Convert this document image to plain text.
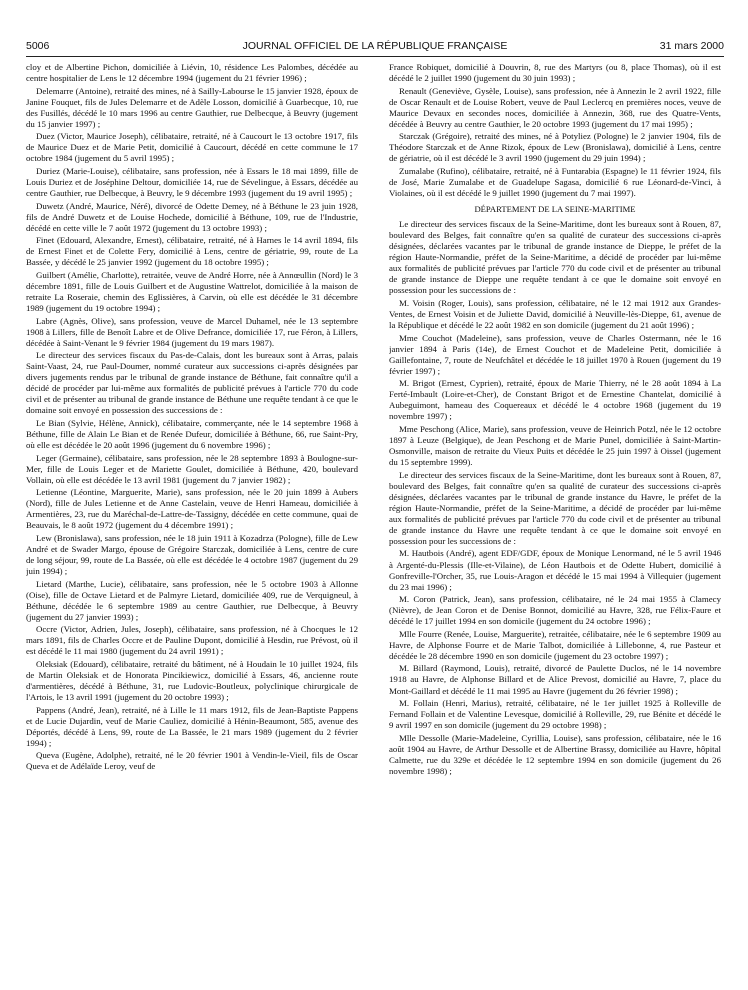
5006	JOURNAL OFFICIEL DE LA RÉPUBLIQUE FRANÇAISE	31 mars 2000

cloy et de Albertine Pichon, domiciliée à Liévin, 10, résidence Les Palombes, décédée au centre hospitalier de Lens le 12 décembre 1994 (jugement du 21 février 1996) ;

Delemarre (Antoine), retraité des mines, né à Sailly-Labourse le 15 janvier 1928, époux de Janine Fouquet, fils de Jules Delemarre et de Adèle Losson, domicilié à Guarbecque, 10, rue des Fusillés, décédé le 10 mars 1996 au centre Gauthier, rue Delbecque, à Beuvry (jugement du 15 janvier 1997) ;

Duez (Victor, Maurice Joseph), célibataire, retraité, né à Caucourt le 13 octobre 1917, fils de Maurice Duez et de Marie Petit, domicilié à Caucourt, décédé en cette commune le 17 octobre 1984 (jugement du 5 avril 1995) ;

Duriez (Marie-Louise), célibataire, sans profession, née à Essars le 18 mai 1899, fille de Louis Duriez et de Joséphine Deltour, domiciliée 14, rue de Sévelingue, à Essars, décédée au centre Gauthier, rue Delbecque, à Beuvry, le 9 décembre 1993 (jugement du 19 avril 1995) ;

Duwetz (André, Maurice, Néré), divorcé de Odette Demey, né à Béthune le 23 juin 1928, fils de André Duwetz et de Louise Hochede, domicilié à Béthune, 109, rue de l'Industrie, décédé en cette ville le 7 août 1972 (jugement du 13 octobre 1993) ;

Finet (Edouard, Alexandre, Ernest), célibataire, retraité, né à Harnes le 14 avril 1894, fils de Ernest Finet et de Colette Fery, domicilié à Lens, centre de gériatrie, 99, route de La Bassée, y décédé le 25 janvier 1992 (jugement du 18 octobre 1995) ;

Guilbert (Amélie, Charlotte), retraitée, veuve de André Horre, née à Annœullin (Nord) le 3 décembre 1891, fille de Louis Guilbert et de Augustine Wattrelot, domiciliée à la maison de retraite La Roseraie, chemin des Eglissières, à Carvin, où elle est décédée le 31 décembre 1989 (jugement du 19 octobre 1994) ;

Labre (Agnès, Olive), sans profession, veuve de Marcel Duhamel, née le 13 septembre 1908 à Lillers, fille de Benoît Labre et de Olive Defrance, domiciliée 17, rue Féron, à Lillers, décédée à Saint-Venant le 9 février 1984 (jugement du 19 mars 1987).

Le directeur des services fiscaux du Pas-de-Calais, dont les bureaux sont à Arras, palais Saint-Vaast, 24, rue Paul-Doumer, nommé curateur aux successions ci-après désignées par divers jugements rendus par le tribunal de grande instance de Béthune, fait connaître qu'il a décidé de procéder par lui-même aux formalités de publicité prévues à l'article 770 du code civil et de présenter au tribunal de grande instance de Béthune une requête tendant à ce que le domaine soit envoyé en possession des successions de :

Le Bian (Sylvie, Hélène, Annick), célibataire, commerçante, née le 14 septembre 1968 à Béthune, fille de Alain Le Bian et de Renée Dufeur, domiciliée à Béthune, 66, rue Saint-Pry, où elle est décédée le 20 août 1996 (jugement du 6 novembre 1996) ;

Leger (Germaine), célibataire, sans profession, née le 28 septembre 1893 à Boulogne-sur-Mer, fille de Louis Leger et de Mariette Goulet, domiciliée à Béthune, 420, boulevard Vollain, où elle est décédée le 13 avril 1981 (jugement du 7 janvier 1982) ;

Letienne (Léontine, Marguerite, Marie), sans profession, née le 20 juin 1899 à Aubers (Nord), fille de Jules Letienne et de Anne Castelain, veuve de Henri Hameau, domiciliée à Armentières, 23, rue du Maréchal-de-Lattre-de-Tassigny, décédée en cette commune, quai de Beauvais, le 8 août 1972 (jugement du 4 décembre 1991) ;

Lew (Bronislawa), sans profession, née le 18 juin 1911 à Kozadrza (Pologne), fille de Lew André et de Swader Margo, épouse de Grégoire Starczak, domiciliée à Lens, centre de cure de long séjour, 99, route de La Bassée, où elle est décédée le 4 octobre 1987 (jugement du 29 juin 1994) ;

Lietard (Marthe, Lucie), célibataire, sans profession, née le 5 octobre 1903 à Allonne (Oise), fille de Octave Lietard et de Palmyre Lietard, domiciliée 409, rue de Verquigneul, à Béthune, décédée le 6 septembre 1989 au centre Gauthier, rue Delbecque, à Beuvry (jugement du 27 janvier 1993) ;

Occre (Victor, Adrien, Jules, Joseph), célibataire, sans profession, né à Chocques le 12 mars 1891, fils de Charles Occre et de Pauline Dupont, domicilié à Hesdin, rue Prévost, où il est décédé le 11 mai 1980 (jugement du 24 avril 1991) ;

Oleksiak (Edouard), célibataire, retraité du bâtiment, né à Houdain le 10 juillet 1924, fils de Martin Oleksiak et de Honorata Pincikiewicz, domicilié à Essars, 46, ancienne route d'armentières, décédé à Béthune, 31, rue Ludovic-Boutleux, polyclinique chirurgicale de l'Artois, le 13 avril 1991 (jugement du 20 octobre 1993) ;

Pappens (André, Jean), retraité, né à Lille le 11 mars 1912, fils de Jean-Baptiste Pappens et de Lucie Dujardin, veuf de Marie Cauliez, domicilié à Hénin-Beaumont, 585, avenue des Déportés, décédé à Lens, 99, route de La Bassée, le 21 mars 1989 (jugement du 2 février 1994) ;

Queva (Eugène, Adolphe), retraité, né le 20 février 1901 à Vendin-le-Vieil, fils de Oscar Queva et de Adélaïde Leroy, veuf de

France Robiquet, domicilié à Douvrin, 8, rue des Martyrs (ou 8, place Thomas), où il est décédé le 2 juillet 1990 (jugement du 30 juin 1993) ;

Renault (Geneviève, Gysèle, Louise), sans profession, née à Annezin le 2 avril 1922, fille de Oscar Renault et de Louise Robert, veuve de Paul Leclercq en premières noces, veuve de Maurice Devaux en secondes noces, domiciliée à Annezin, 368, rue des Quatre-Vents, décédée à Beuvry au centre Gauthier, le 20 octobre 1993 (jugement du 17 mai 1995) ;

Starczak (Grégoire), retraité des mines, né à Potyliez (Pologne) le 2 janvier 1904, fils de Théodore Starczak et de Anne Rizok, époux de Lew (Bronislawa), domicilié à Lens, centre de gériatrie, où il est décédé le 3 avril 1990 (jugement du 29 juin 1994) ;

Zumalabe (Rufino), célibataire, retraité, né à Funtarabia (Espagne) le 11 février 1924, fils de José, Marie Zumalabe et de Guadelupe Sagasa, domicilié 6 rue Léonard-de-Vinci, à Violaines, où il est décédé le 9 juillet 1990 (jugement du 7 mai 1997).

DÉPARTEMENT DE LA SEINE-MARITIME

Le directeur des services fiscaux de la Seine-Maritime, dont les bureaux sont à Rouen, 87, boulevard des Belges, fait connaître qu'en sa qualité de curateur des successions ci-après désignées, déclarées vacantes par le tribunal de grande instance de Dieppe, le préfet de la région Haute-Normandie, préfet de la Seine-Maritime, a décidé de procéder par lui-même aux formalités de publicité prévues par l'article 770 du code civil et de présenter au tribunal de grande instance de Dieppe une requête tendant à ce que le domaine soit envoyé en possession pour les successions de :

M. Voisin (Roger, Louis), sans profession, célibataire, né le 12 mai 1912 aux Grandes-Ventes, de Ernest Voisin et de Juliette David, domicilié à Neuville-lès-Dieppe, 61, avenue de la République et décédé le 22 août 1982 en son domicile (jugement du 21 août 1996) ;

Mme Couchot (Madeleine), sans profession, veuve de Charles Ostermann, née le 16 janvier 1894 à Paris (14e), de Ernest Couchot et de Madeleine Petit, domiciliée à Gaillefontaine, 7, route de Neufchâtel et décédée le 18 juillet 1970 à Rouen (jugement du 19 février 1997) ;

M. Brigot (Ernest, Cyprien), retraité, époux de Marie Thierry, né le 28 août 1894 à La Ferté-Imbault (Loire-et-Cher), de Constant Brigot et de Ernestine Chantelat, domicilié à Aubeguimont, hameau des Coquereaux et décédé le 4 octobre 1968 (jugement du 19 novembre 1997) ;

Mme Peschong (Alice, Marie), sans profession, veuve de Heinrich Potzl, née le 12 octobre 1897 à Leuze (Belgique), de Jean Peschong et de Marie Punel, domiciliée à Saint-Martin-Osmonville, maison de retraite du Vieux Puits et décédée le 25 juin 1997 à Oissel (jugement du 15 septembre 1999).

Le directeur des services fiscaux de la Seine-Maritime, dont les bureaux sont à Rouen, 87, boulevard des Belges, fait connaître qu'en sa qualité de curateur des successions ci-après désignées, déclarées vacantes par le tribunal de grande instance du Havre, le préfet de la région Haute-Normandie, préfet de la Seine-Maritime, a décidé de procéder par lui-même aux formalités de publicité prévues par l'article 770 du code civil et de présenter au tribunal de grande instance du Havre une requête tendant à ce que le domaine soit envoyé en possession pour les successions de :

M. Hautbois (André), agent EDF/GDF, époux de Monique Lenormand, né le 5 avril 1946 à Argenté-du-Plessis (Ille-et-Vilaine), de Léon Hautbois et de Odette Hubert, domicilié à Gonfreville-l'Orcher, 35, rue Louis-Aragon et décédé le 15 mai 1994 à Villequier (jugement du 23 mai 1996) ;

M. Coron (Patrick, Jean), sans profession, célibataire, né le 24 mai 1955 à Clamecy (Nièvre), de Jean Coron et de Denise Bonnot, domicilié au Havre, 328, rue Félix-Faure et décédé le 17 juillet 1994 en son domicile (jugement du 24 octobre 1996) ;

Mlle Fourre (Renée, Louise, Marguerite), retraitée, célibataire, née le 6 septembre 1909 au Havre, de Alphonse Fourre et de Marie Talbot, domiciliée à Lillebonne, 4, rue Pasteur et décédée le 28 décembre 1990 en son domicile (jugement du 23 octobre 1997) ;

M. Billard (Raymond, Louis), retraité, divorcé de Paulette Duclos, né le 14 novembre 1918 au Havre, de Alphonse Billard et de Alice Prevost, domicilié au Havre, 7, place du Mont-Gaillard et décédé le 11 mai 1995 au Havre (jugement du 26 février 1998) ;

M. Follain (Henri, Marius), retraité, célibataire, né le 1er juillet 1925 à Rolleville de Fernand Follain et de Valentine Levesque, domicilié à Rolleville, 29, rue Bénite et décédé le 9 avril 1997 en son domicile (jugement du 29 octobre 1998) ;

Mlle Dessolle (Marie-Madeleine, Cyrillia, Louise), sans profession, célibataire, née le 16 août 1904 au Havre, de Arthur Dessolle et de Albertine Brassy, domiciliée au Havre, hôpital Calmette, rue du 329e et décédée le 12 septembre 1994 en son domicile (jugement du 26 novembre 1998) ;
